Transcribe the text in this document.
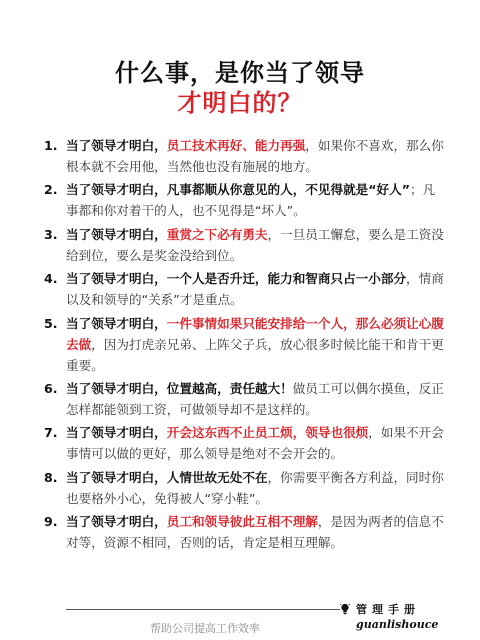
什么事，是你当了领导
才明白的？
1. 当了领导才明白，员工技术再好、能力再强，如果你不喜欢，那么你根本就不会用他，当然他也没有施展的地方。
2. 当了领导才明白，凡事都顺从你意见的人，不见得就是“好人”；凡事都和你对着干的人，也不见得是“坏人”。
3. 当了领导才明白，重赏之下必有勇夫，一旦员工懈怠，要么是工资没给到位，要么是奖金没给到位。
4. 当了领导才明白，一个人是否升迁，能力和智商只占一小部分，情商以及和领导的“关系”才是重点。
5. 当了领导才明白，一件事情如果只能安排给一个人，那么必须让心腹去做，因为打虎亲兄弟、上阵父子兵，放心很多时候比能干和肯干更重要。
6. 当了领导才明白，位置越高，责任越大！做员工可以偶尔摸鱼，反正怎样都能领到工资，可做领导却不是这样的。
7. 当了领导才明白，开会这东西不止员工烦，领导也很烦，如果不开会事情可以做的更好，那么领导是绝对不会开会的。
8. 当了领导才明白，人情世故无处不在，你需要平衡各方利益，同时你也要格外小心，免得被人“穿小鞋”。
9. 当了领导才明白，员工和领导彼此互相不理解，是因为两者的信息不对等，资源不相同，否则的话，肯定是相互理解。
帮助公司提高工作效率
管理手册
guanlishouce
